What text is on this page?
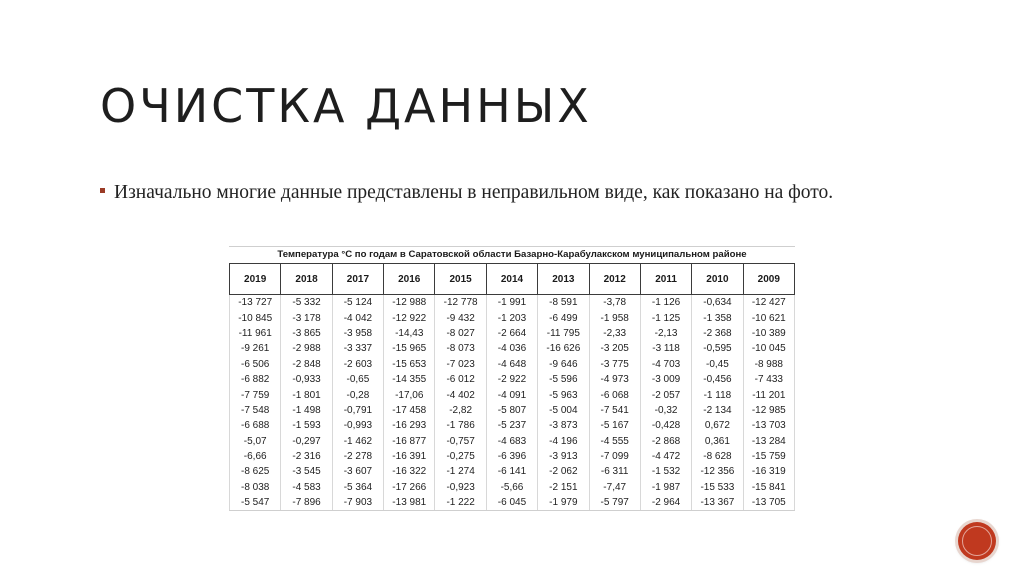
ОЧИСТКА ДАННЫХ
Изначально многие данные представлены в неправильном виде, как показано на фото.
Температура °С по годам в Саратовской области Базарно-Карабулакском муниципальном районе
2019	2018	2017	2016	2015	2014	2013	2012	2011	2010	2009
-13 727	-5 332	-5 124	-12 988	-12 778	-1 991	-8 591	-3,78	-1 126	-0,634	-12 427
-10 845	-3 178	-4 042	-12 922	-9 432	-1 203	-6 499	-1 958	-1 125	-1 358	-10 621
-11 961	-3 865	-3 958	-14,43	-8 027	-2 664	-11 795	-2,33	-2,13	-2 368	-10 389
-9 261	-2 988	-3 337	-15 965	-8 073	-4 036	-16 626	-3 205	-3 118	-0,595	-10 045
-6 506	-2 848	-2 603	-15 653	-7 023	-4 648	-9 646	-3 775	-4 703	-0,45	-8 988
-6 882	-0,933	-0,65	-14 355	-6 012	-2 922	-5 596	-4 973	-3 009	-0,456	-7 433
-7 759	-1 801	-0,28	-17,06	-4 402	-4 091	-5 963	-6 068	-2 057	-1 118	-11 201
-7 548	-1 498	-0,791	-17 458	-2,82	-5 807	-5 004	-7 541	-0,32	-2 134	-12 985
-6 688	-1 593	-0,993	-16 293	-1 786	-5 237	-3 873	-5 167	-0,428	0,672	-13 703
-5,07	-0,297	-1 462	-16 877	-0,757	-4 683	-4 196	-4 555	-2 868	0,361	-13 284
-6,66	-2 316	-2 278	-16 391	-0,275	-6 396	-3 913	-7 099	-4 472	-8 628	-15 759
-8 625	-3 545	-3 607	-16 322	-1 274	-6 141	-2 062	-6 311	-1 532	-12 356	-16 319
-8 038	-4 583	-5 364	-17 266	-0,923	-5,66	-2 151	-7,47	-1 987	-15 533	-15 841
-5 547	-7 896	-7 903	-13 981	-1 222	-6 045	-1 979	-5 797	-2 964	-13 367	-13 705
